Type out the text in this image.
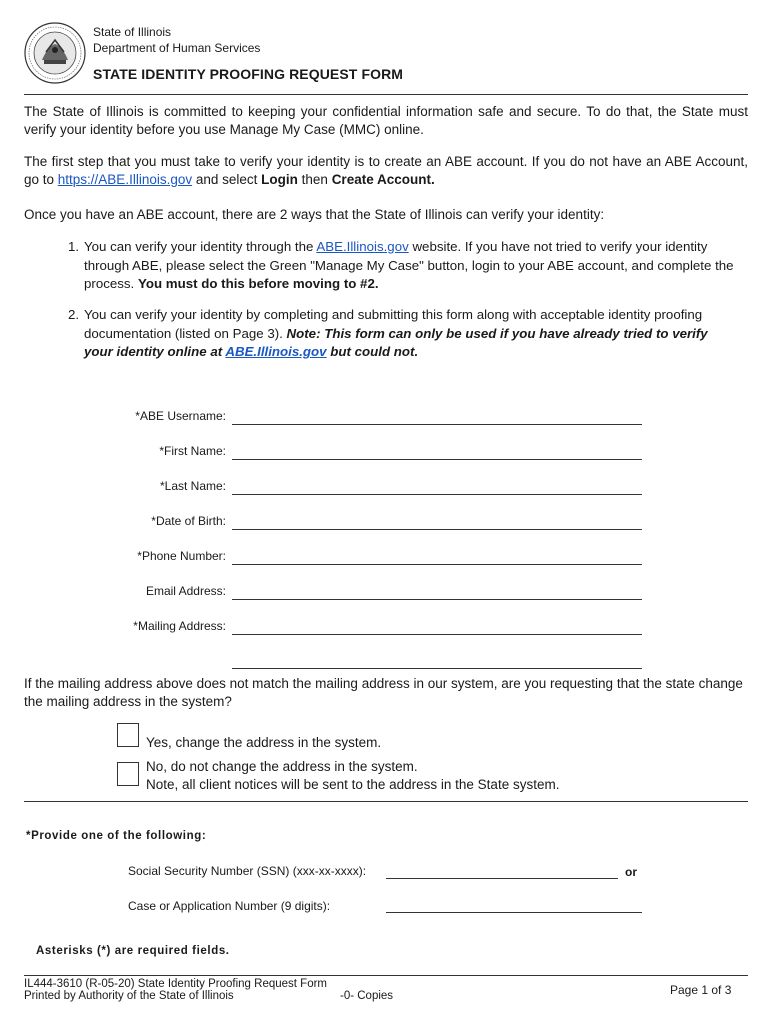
State of Illinois
Department of Human Services
STATE IDENTITY PROOFING REQUEST FORM
The State of Illinois is committed to keeping your confidential information safe and secure. To do that, the State must verify your identity before you use Manage My Case (MMC) online.
The first step that you must take to verify your identity is to create an ABE account. If you do not have an ABE Account, go to https://ABE.Illinois.gov and select Login then Create Account.
Once you have an ABE account, there are 2 ways that the State of Illinois can verify your identity:
1. You can verify your identity through the ABE.Illinois.gov website. If you have not tried to verify your identity through ABE, please select the Green "Manage My Case" button, login to your ABE account, and complete the process. You must do this before moving to #2.
2. You can verify your identity by completing and submitting this form along with acceptable identity proofing documentation (listed on Page 3). Note: This form can only be used if you have already tried to verify your identity online at ABE.Illinois.gov but could not.
*ABE Username:
*First Name:
*Last Name:
*Date of Birth:
*Phone Number:
Email Address:
*Mailing Address:
If the mailing address above does not match the mailing address in our system, are you requesting that the state change the mailing address in the system?
Yes, change the address in the system.
No, do not change the address in the system.
Note, all client notices will be sent to the address in the State system.
*Provide one of the following:
Social Security Number (SSN) (xxx-xx-xxxx):	or
Case or Application Number (9 digits):
Asterisks (*) are required fields.
IL444-3610 (R-05-20) State Identity Proofing Request Form
Printed by Authority of the State of Illinois	-0- Copies	Page 1 of 3
